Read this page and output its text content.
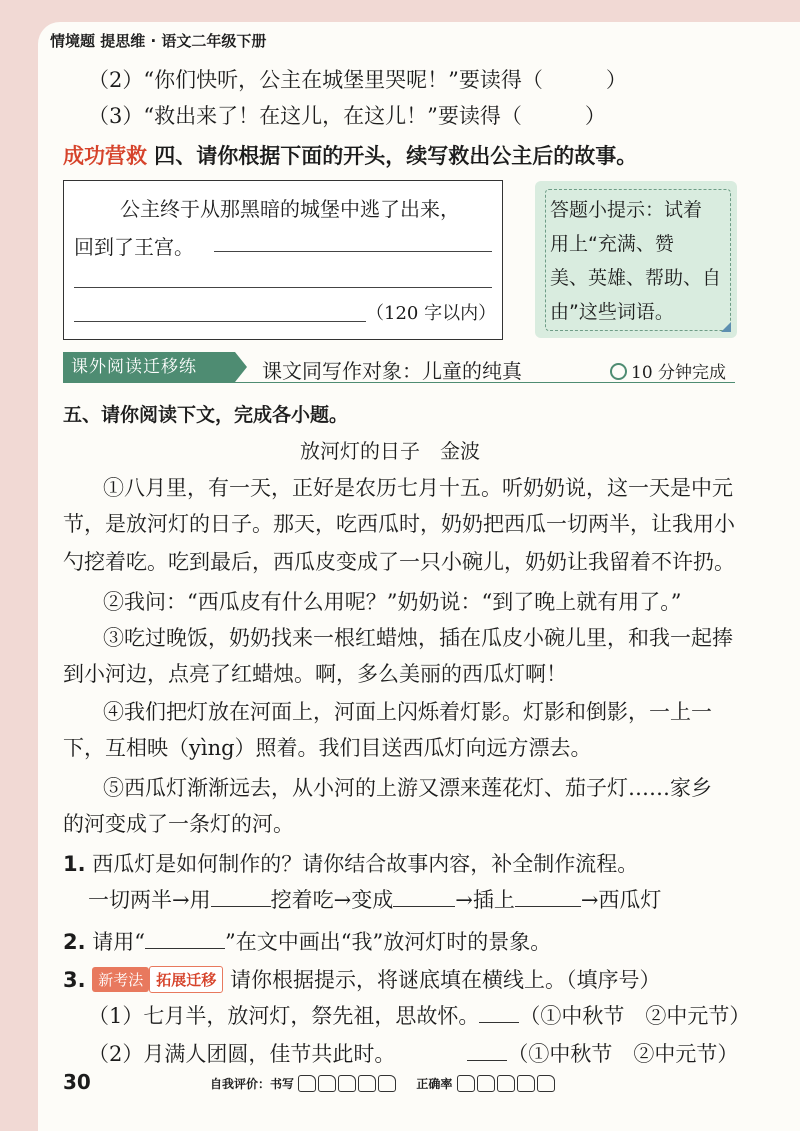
情境题 提思维 · 语文二年级下册
（2）“你们快听，公主在城堡里哭呢！”要读得（　　　）
（3）“救出来了！在这儿，在这儿！”要读得（　　　）
成功营救 四、请你根据下面的开头，续写救出公主后的故事。
公主终于从那黑暗的城堡中逃了出来，
回到了王宫。
（120 字以内）
答题小提示：试着
用上“充满、赞
美、英雄、帮助、自
由”这些词语。
课外阅读迁移练	课文同写作对象：儿童的纯真	10 分钟完成
五、请你阅读下文，完成各小题。
放河灯的日子　金波
①八月里，有一天，正好是农历七月十五。听奶奶说，这一天是中元
节，是放河灯的日子。那天，吃西瓜时，奶奶把西瓜一切两半，让我用小
勺挖着吃。吃到最后，西瓜皮变成了一只小碗儿，奶奶让我留着不许扔。
②我问：“西瓜皮有什么用呢？”奶奶说：“到了晚上就有用了。”
③吃过晚饭，奶奶找来一根红蜡烛，插在瓜皮小碗儿里，和我一起捧
到小河边，点亮了红蜡烛。啊，多么美丽的西瓜灯啊！
④我们把灯放在河面上，河面上闪烁着灯影。灯影和倒影，一上一
下，互相映（yìng）照着。我们目送西瓜灯向远方漂去。
⑤西瓜灯渐渐远去，从小河的上游又漂来莲花灯、茄子灯……家乡
的河变成了一条灯的河。
1. 西瓜灯是如何制作的？请你结合故事内容，补全制作流程。
一切两半→用	挖着吃→变成	→插上	→西瓜灯
2. 请用“	”在文中画出“我”放河灯时的景象。
3. 新考法 拓展迁移 请你根据提示，将谜底填在横线上。（填序号）
（1）七月半，放河灯，祭先祖，思故怀。 （①中秋节　②中元节）
（2）月满人团圆，佳节共此时。	（①中秋节　②中元节）
30	自我评价：书写	正确率
